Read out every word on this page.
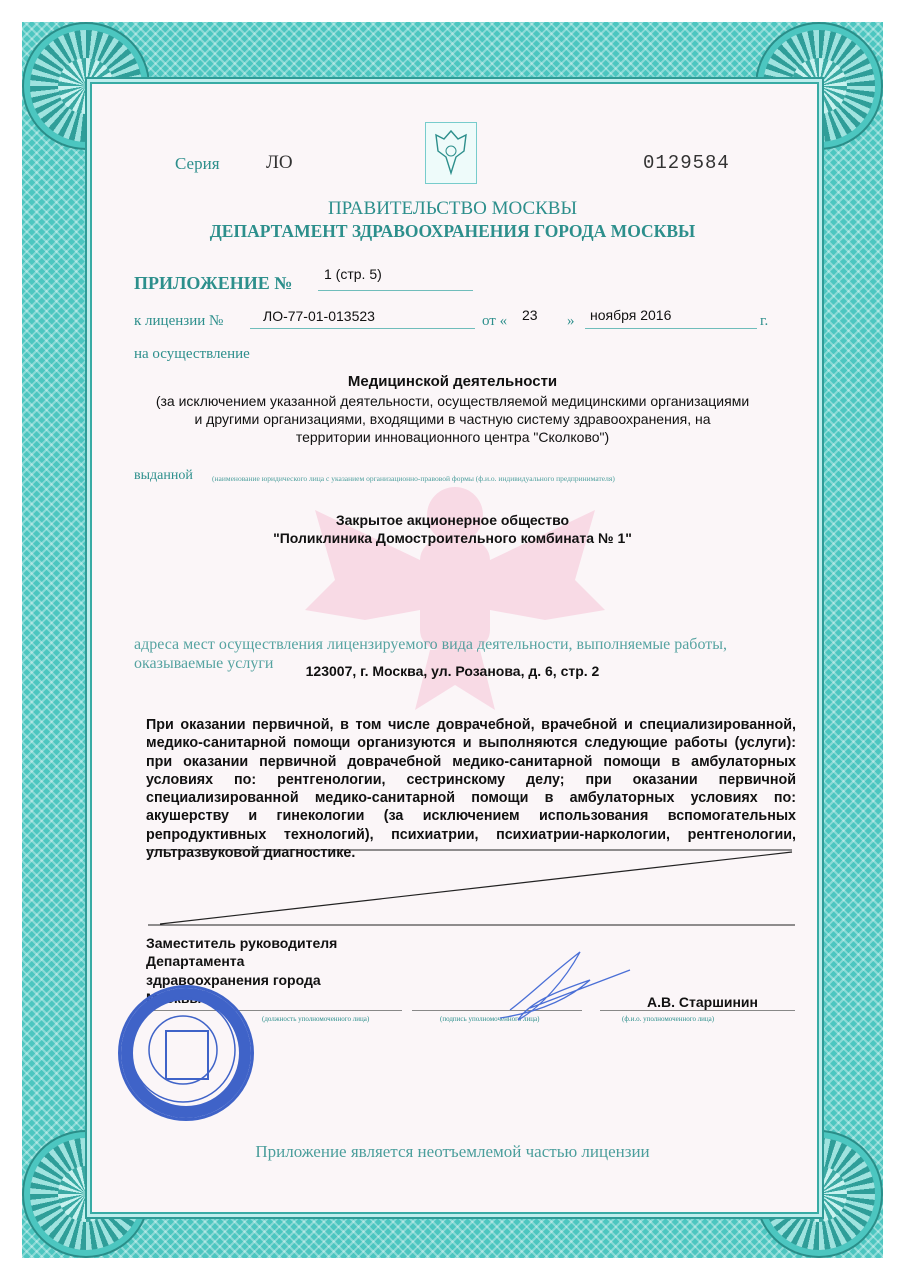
Серия ЛО	0129584
ПРАВИТЕЛЬСТВО МОСКВЫ
ДЕПАРТАМЕНТ ЗДРАВООХРАНЕНИЯ ГОРОДА МОСКВЫ
ПРИЛОЖЕНИЕ № 1 (стр. 5)
к лицензии №	ЛО-77-01-013523	от « 23 » ноября 2016	г.
на осуществление
Медицинской деятельности
(за исключением указанной деятельности, осуществляемой медицинскими организациями
и другими организациями, входящими в частную систему здравоохранения, на
территории инновационного центра "Сколково")
выданной	(наименование юридического лица с указанием организационно-правовой формы (ф.и.о. индивидуального предпринимателя)
Закрытое акционерное общество
"Поликлиника Домостроительного комбината № 1"
адреса мест осуществления лицензируемого вида деятельности, выполняемые работы,
оказываемые услуги	123007, г. Москва, ул. Розанова, д. 6, стр. 2
При оказании первичной, в том числе доврачебной, врачебной и специализированной, медико-санитарной помощи организуются и выполняются следующие работы (услуги): при оказании первичной доврачебной медико-санитарной помощи в амбулаторных условиях по: рентгенологии, сестринскому делу; при оказании первичной специализированной медико-санитарной помощи в амбулаторных условиях по: акушерству и гинекологии (за исключением использования вспомогательных репродуктивных технологий), психиатрии, психиатрии-наркологии, рентгенологии, ультразвуковой диагностике.
Заместитель руководителя
Департамента
здравоохранения города
Москвы
(должность уполномоченного лица)	(подпись уполномоченного лица)
А.В. Старшинин
(ф.и.о. уполномоченного лица)
Приложение является неотъемлемой частью лицензии
